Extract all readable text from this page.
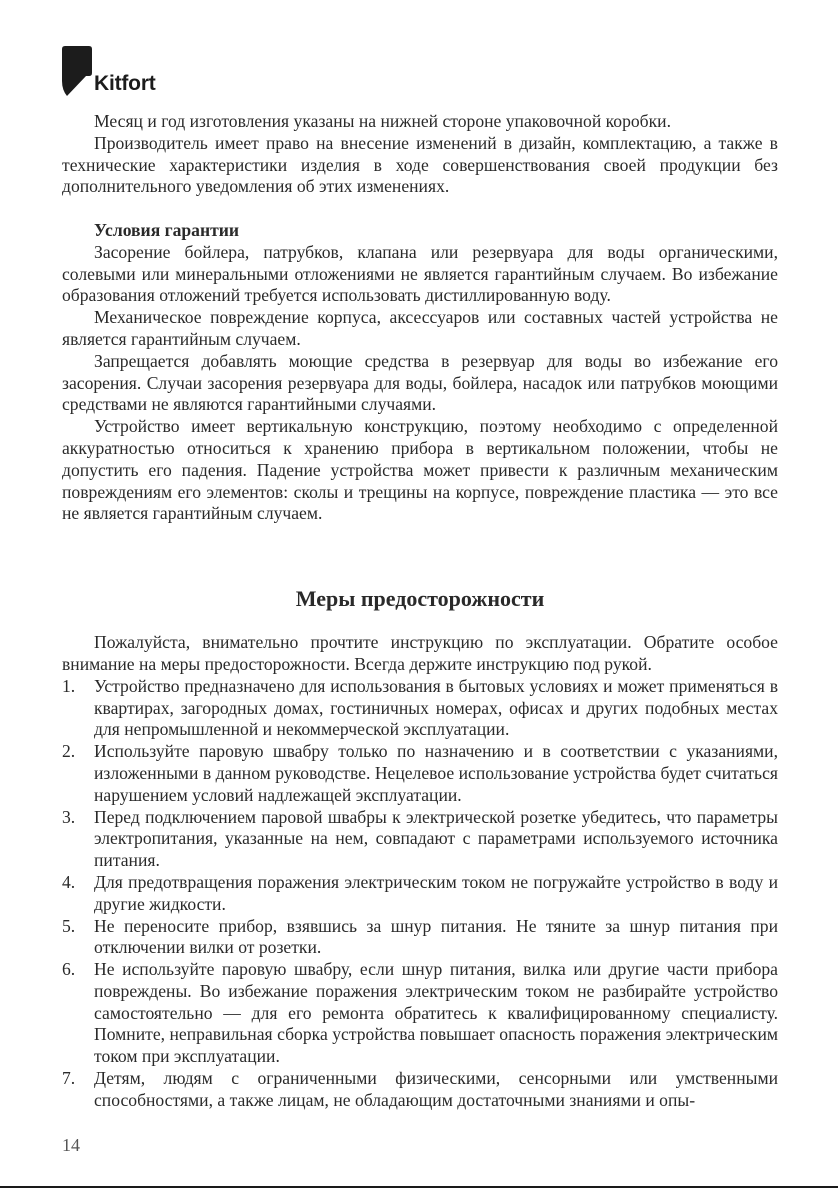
Kitfort

Месяц и год изготовления указаны на нижней стороне упаковочной коробки.

Производитель имеет право на внесение изменений в дизайн, комплектацию, а также в технические характеристики изделия в ходе совершенствования своей продукции без дополнительного уведомления об этих изменениях.

Условия гарантии

Засорение бойлера, патрубков, клапана или резервуара для воды органическими, солевыми или минеральными отложениями не является гарантийным случаем. Во избежание образования отложений требуется использовать дистиллированную воду.

Механическое повреждение корпуса, аксессуаров или составных частей устройства не является гарантийным случаем.

Запрещается добавлять моющие средства в резервуар для воды во избежание его засорения. Случаи засорения резервуара для воды, бойлера, насадок или патрубков моющими средствами не являются гарантийными случаями.

Устройство имеет вертикальную конструкцию, поэтому необходимо с определенной аккуратностью относиться к хранению прибора в вертикальном положении, чтобы не допустить его падения. Падение устройства может привести к различным механическим повреждениям его элементов: сколы и трещины на корпусе, повреждение пластика — это все не является гарантийным случаем.

Меры предосторожности

Пожалуйста, внимательно прочтите инструкцию по эксплуатации. Обратите особое внимание на меры предосторожности. Всегда держите инструкцию под рукой.

1. Устройство предназначено для использования в бытовых условиях и может применяться в квартирах, загородных домах, гостиничных номерах, офисах и других подобных местах для непромышленной и некоммерческой эксплуатации.
2. Используйте паровую швабру только по назначению и в соответствии с указаниями, изложенными в данном руководстве. Нецелевое использование устройства будет считаться нарушением условий надлежащей эксплуатации.
3. Перед подключением паровой швабры к электрической розетке убедитесь, что параметры электропитания, указанные на нем, совпадают с параметрами используемого источника питания.
4. Для предотвращения поражения электрическим током не погружайте устройство в воду и другие жидкости.
5. Не переносите прибор, взявшись за шнур питания. Не тяните за шнур питания при отключении вилки от розетки.
6. Не используйте паровую швабру, если шнур питания, вилка или другие части прибора повреждены. Во избежание поражения электрическим током не разбирайте устройство самостоятельно — для его ремонта обратитесь к квалифицированному специалисту. Помните, неправильная сборка устройства повышает опасность поражения электрическим током при эксплуатации.
7. Детям, людям с ограниченными физическими, сенсорными или умственными способностями, а также лицам, не обладающим достаточными знаниями и опы-
14
